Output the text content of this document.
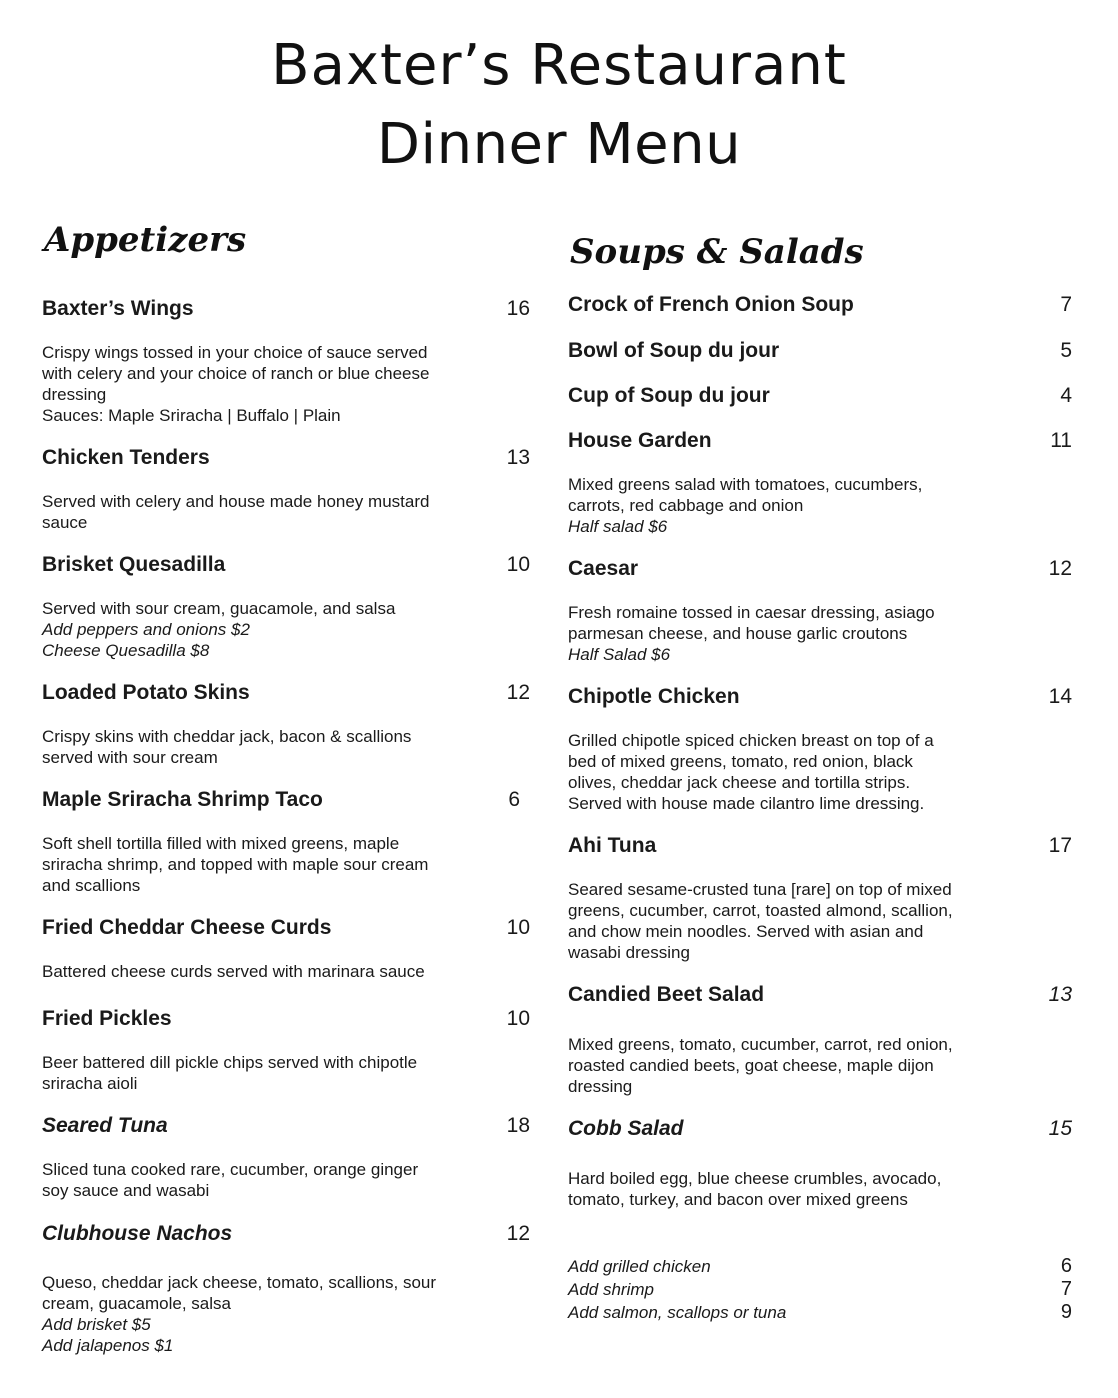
Baxter’s Restaurant
Dinner Menu
Appetizers
Baxter’s Wings	16
Crispy wings tossed in your choice of sauce served
with celery and your choice of ranch or blue cheese
dressing
Sauces: Maple Sriracha | Buffalo | Plain
Chicken Tenders	13
Served with celery and house made honey mustard
sauce
Brisket Quesadilla	10
Served with sour cream, guacamole, and salsa
Add peppers and onions $2
Cheese Quesadilla $8
Loaded Potato Skins	12
Crispy skins with cheddar jack, bacon & scallions
served with sour cream
Maple Sriracha Shrimp Taco	6
Soft shell tortilla filled with mixed greens, maple
sriracha shrimp, and topped with maple sour cream
and scallions
Fried Cheddar Cheese Curds	10
Battered cheese curds served with marinara sauce
Fried Pickles	10
Beer battered dill pickle chips served with chipotle
sriracha aioli
Seared Tuna	18
Sliced tuna cooked rare, cucumber, orange ginger
soy sauce and wasabi
Clubhouse Nachos	12
Queso, cheddar jack cheese, tomato, scallions, sour
cream, guacamole, salsa
Add brisket $5
Add jalapenos $1
Soups & Salads
Crock of French Onion Soup	7
Bowl of Soup du jour	5
Cup of Soup du jour	4
House Garden	11
Mixed greens salad with tomatoes, cucumbers,
carrots, red cabbage and onion
Half salad $6
Caesar	12
Fresh romaine tossed in caesar dressing, asiago
parmesan cheese, and house garlic croutons
Half Salad $6
Chipotle Chicken	14
Grilled chipotle spiced chicken breast on top of a
bed of mixed greens, tomato, red onion, black
olives, cheddar jack cheese and tortilla strips.
Served with house made cilantro lime dressing.
Ahi Tuna	17
Seared sesame-crusted tuna [rare] on top of mixed
greens, cucumber, carrot, toasted almond, scallion,
and chow mein noodles. Served with asian and
wasabi dressing
Candied Beet Salad	13
Mixed greens, tomato, cucumber, carrot, red onion,
roasted candied beets, goat cheese, maple dijon
dressing
Cobb Salad	15
Hard boiled egg, blue cheese crumbles, avocado,
tomato, turkey, and bacon over mixed greens
Add grilled chicken	6
Add shrimp	7
Add salmon, scallops or tuna	9
